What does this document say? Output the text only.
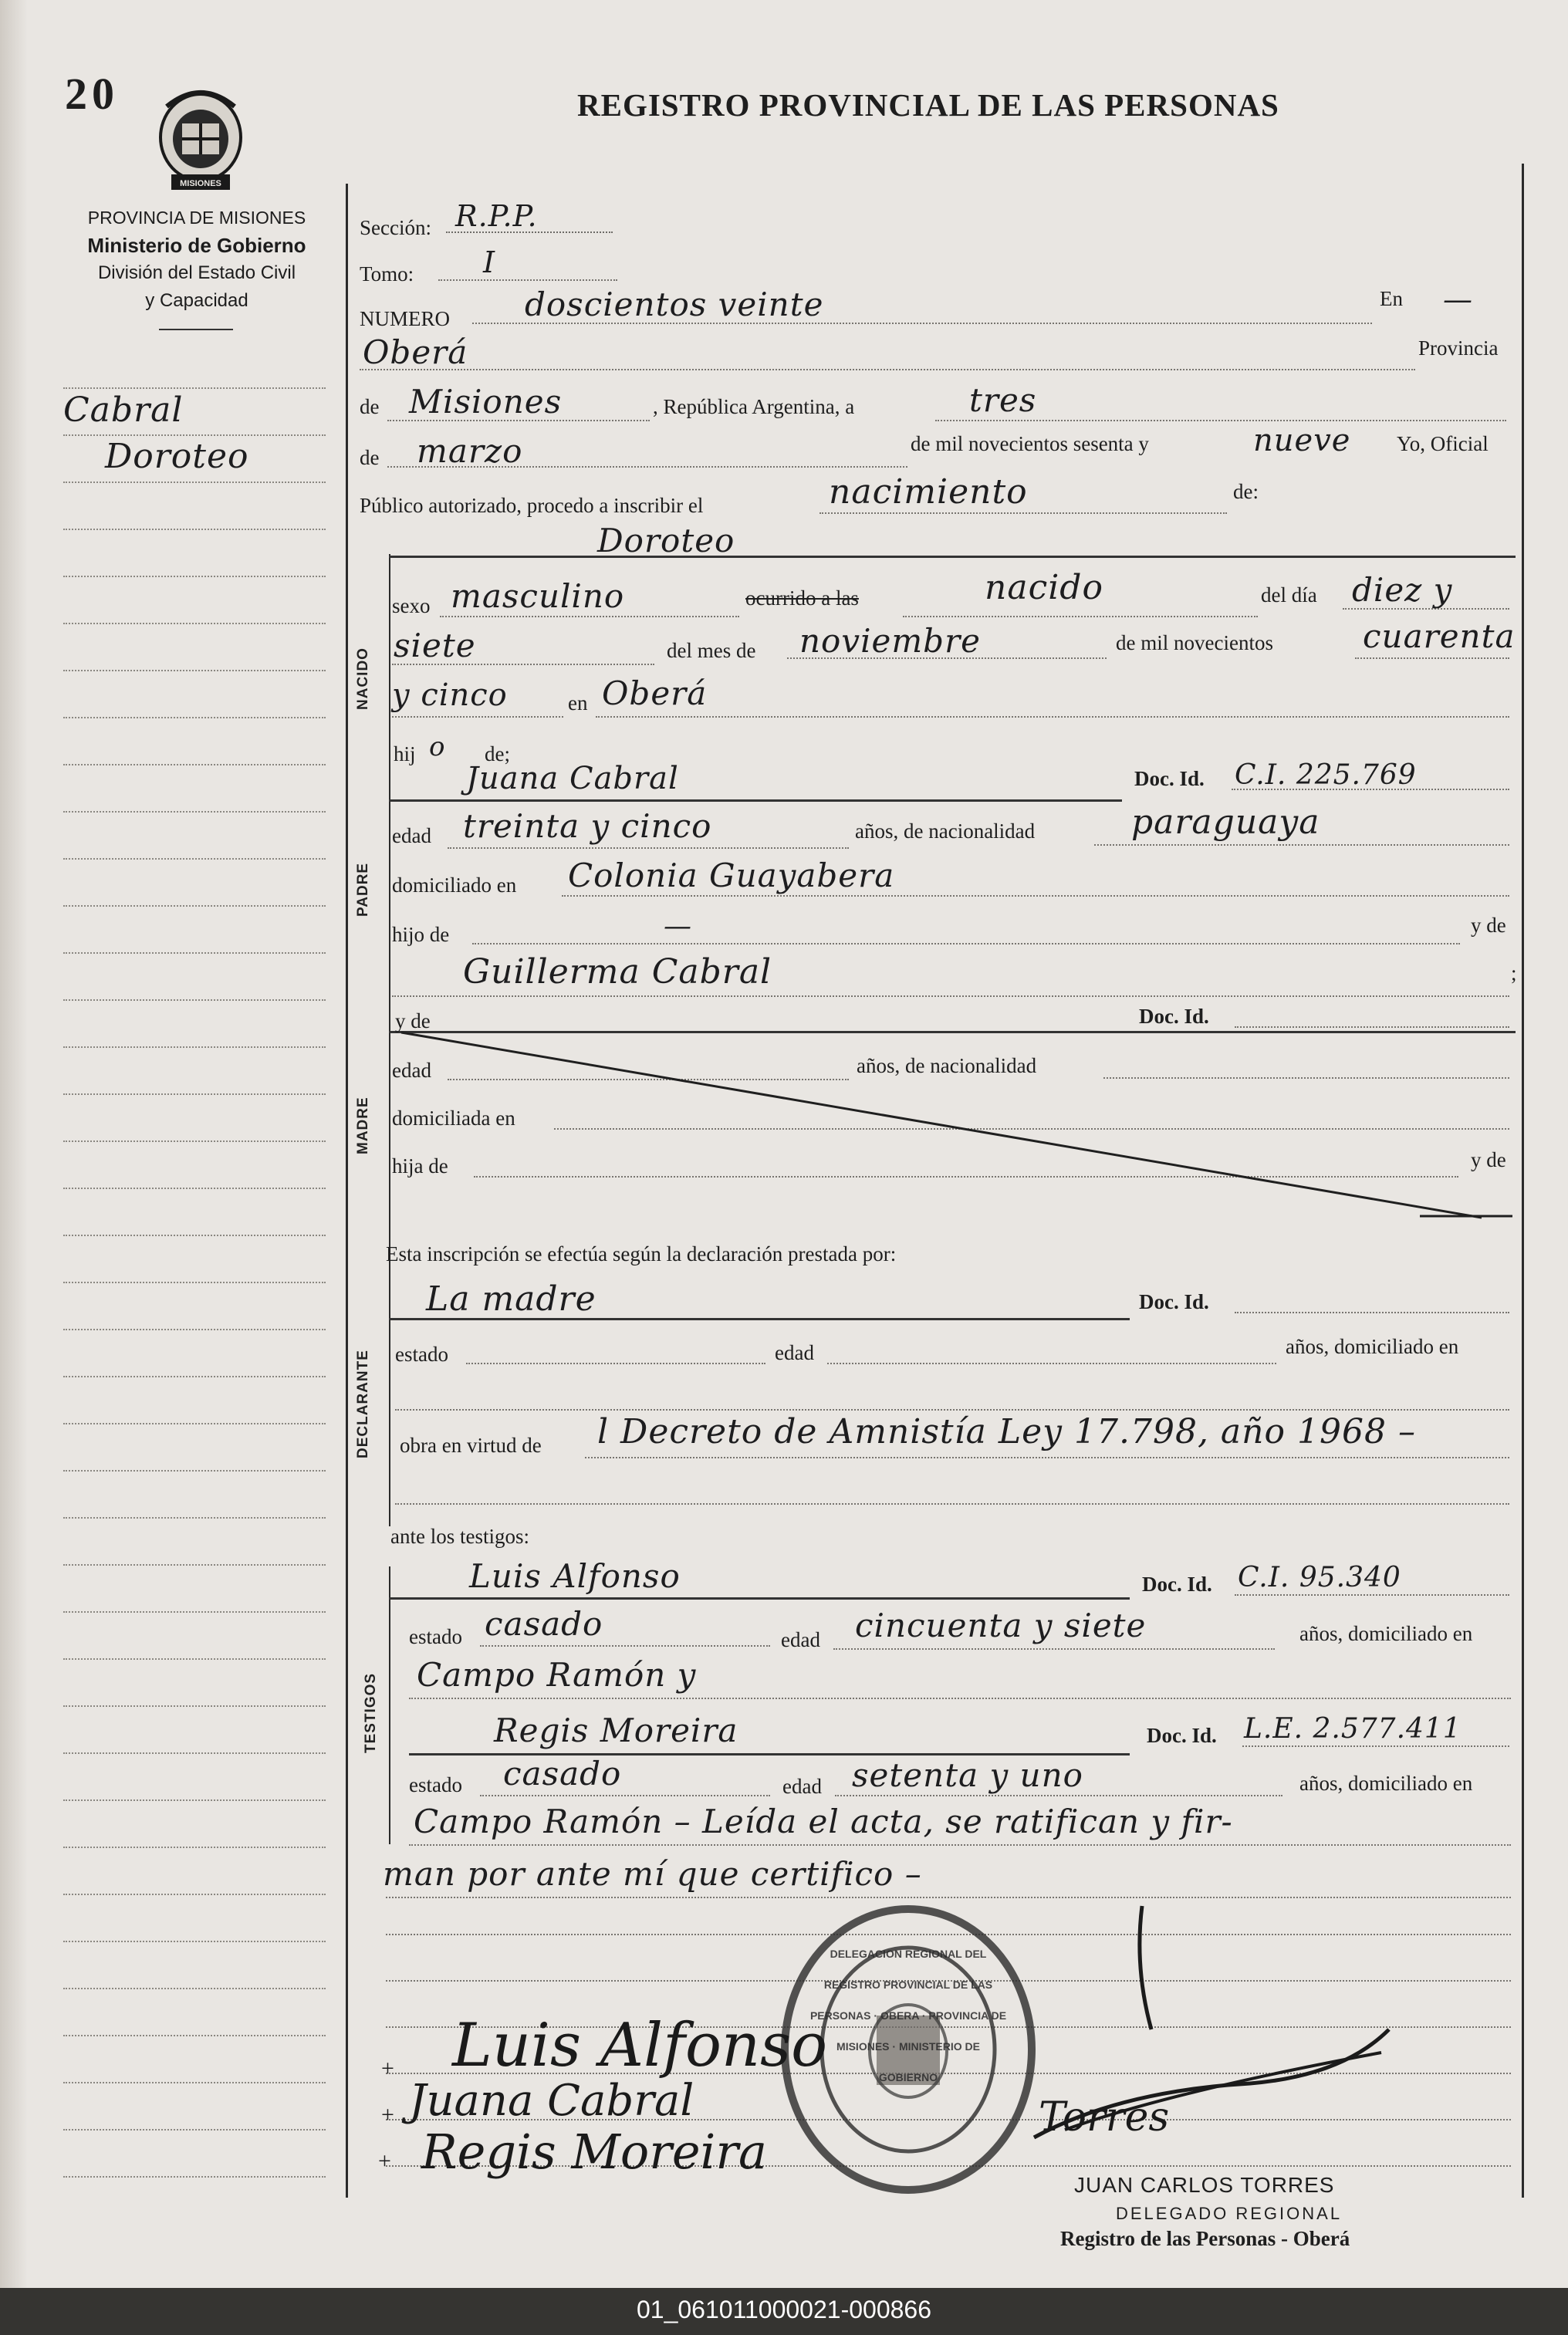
20
MISIONES
REGISTRO PROVINCIAL DE LAS PERSONAS
PROVINCIA DE MISIONES
Ministerio de Gobierno
División del Estado Civil
y Capacidad
Cabral
Doroteo
Sección: R.P.P.
Tomo: I
NUMERO doscientos veinte	En —
Oberá	Provincia
de Misiones	, República Argentina, a	tres
de marzo	de mil novecientos sesenta y	nueve Yo, Oficial
Público autorizado, procedo a inscribir el	nacimiento	de:
NACIDO
Doroteo
sexo masculino	ocurrido a las	nacido	del día diez y
siete	del mes de noviembre	de mil novecientos	cuarenta
y cinco	en Oberá
hij o de;
PADRE
Juana Cabral	Doc. Id. C.I. 225.769
edad treinta y cinco	años, de nacionalidad	paraguaya
domiciliado en Colonia Guayabera
hijo de	—	y de
Guillerma Cabral	;
MADRE
y de	Doc. Id.
edad	años, de nacionalidad
domiciliada en
hija de	y de
Esta inscripción se efectúa según la declaración prestada por:
DECLARANTE
La madre	Doc. Id.
estado	edad	años, domiciliado en
obra en virtud de l Decreto de Amnistía Ley 17.798, año 1968 –
ante los testigos:
TESTIGOS
Luis Alfonso	Doc. Id. C.I. 95.340
estado casado	edad cincuenta y siete	años, domiciliado en
Campo Ramón y
Regis Moreira	Doc. Id. L.E. 2.577.411
estado casado	edad setenta y uno	años, domiciliado en
Campo Ramón – Leída el acta, se ratifican y fir-
man por ante mí que certifico –
DELEGACION REGIONAL DEL REGISTRO PROVINCIAL DE LAS PERSONAS · OBERA · PROVINCIA DE MISIONES · MINISTERIO DE GOBIERNO
+ Luis Alfonso
+ Juana Cabral
+ Regis Moreira
Torres
JUAN CARLOS TORRES
DELEGADO REGIONAL
Registro de las Personas - Oberá
01_061011000021-000866
